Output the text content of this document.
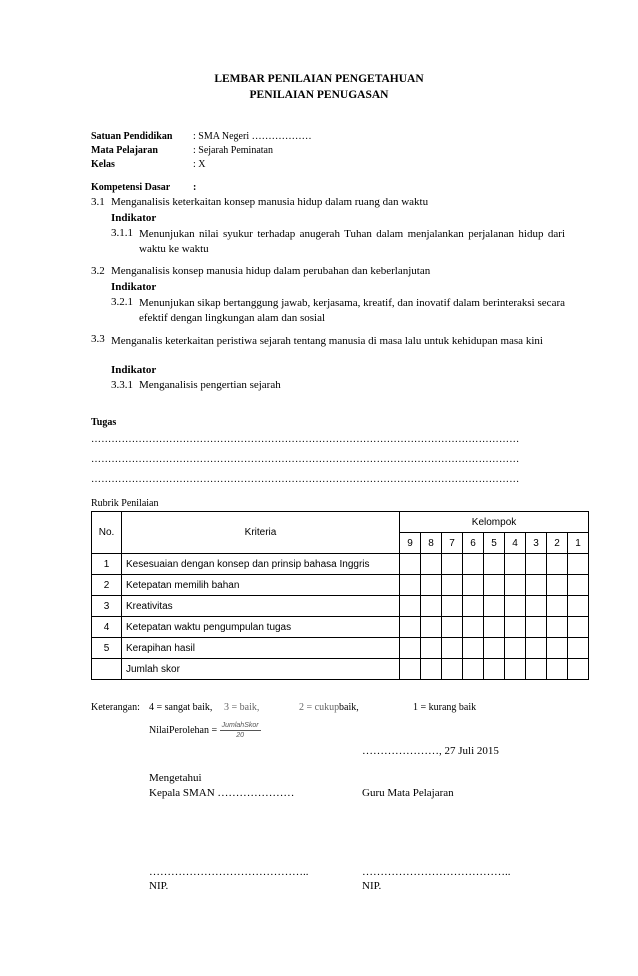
LEMBAR PENILAIAN PENGETAHUAN
PENILAIAN PENUGASAN
Satuan Pendidikan : SMA Negeri ………………
Mata Pelajaran	: Sejarah Peminatan
Kelas	: X
Kompetensi Dasar :
3.1 Menganalisis keterkaitan konsep manusia hidup dalam ruang dan waktu
Indikator
3.1.1 Menunjukan nilai syukur terhadap anugerah Tuhan dalam menjalankan perjalanan hidup dari waktu ke waktu
3.2 Menganalisis konsep manusia hidup dalam perubahan dan keberlanjutan
Indikator
3.2.1 Menunjukan sikap bertanggung jawab, kerjasama, kreatif, dan inovatif dalam berinteraksi secara efektif dengan lingkungan alam dan sosial
3.3 Menganalis keterkaitan peristiwa sejarah tentang manusia di masa lalu untuk kehidupan masa kini
Indikator
3.3.1 Menganalisis pengertian sejarah
Tugas
………………………………………………………………………………………………………………
………………………………………………………………………………………………………………
………………………………………………………………………………………………………………
Rubrik Penilaian
No.	Kriteria	Kelompok								
		9	8	7	6	5	4	3	2	1
1	Kesesuaian dengan konsep dan prinsip bahasa Inggris									
2	Ketepatan memilih bahan									
3	Kreativitas									
4	Ketepatan waktu pengumpulan tugas									
5	Kerapihan hasil									
	Jumlah skor									
Keterangan: 4 = sangat baik, 3 = baik,	2 = cukup baik,	1 = kurang baik
NilaiPerolehan = $\frac{\text{JumlahSkor}}{20}$
…………………, 27 Juli 2015
Mengetahui
Kepala SMAN …………………	Guru Mata Pelajaran
……………………………………..	…………………………………..
NIP.	NIP.
